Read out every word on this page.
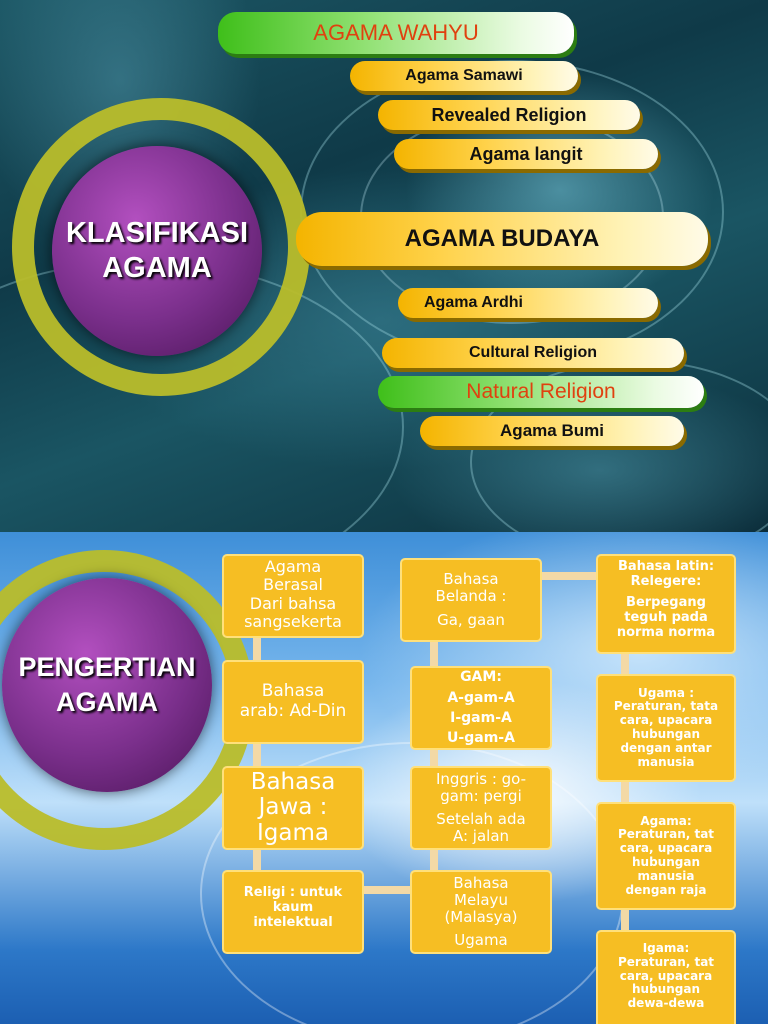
KLASIFIKASI
AGAMA
AGAMA WAHYU
Agama Samawi
Revealed Religion
Agama langit
AGAMA BUDAYA
Agama Ardhi
Cultural Religion
Natural Religion
Agama Bumi
PENGERTIAN
AGAMA
Agama
Berasal
Dari bahsa
sangsekerta
Bahasa
arab: Ad-Din
Bahasa
Jawa :
Igama
Religi : untuk
kaum
intelektual
Bahasa
Belanda :
Ga, gaan
GAM:
A-gam-A
I-gam-A
U-gam-A
Inggris : go-
gam: pergi
Setelah ada
A: jalan
Bahasa
Melayu
(Malasya)
Ugama
Bahasa latin:
Relegere:
Berpegang
teguh pada
norma norma
Ugama :
Peraturan, tata
cara, upacara
hubungan
dengan antar
manusia
Agama:
Peraturan, tat
cara, upacara
hubungan
manusia
dengan raja
Igama:
Peraturan, tat
cara, upacara
hubungan
dewa-dewa
